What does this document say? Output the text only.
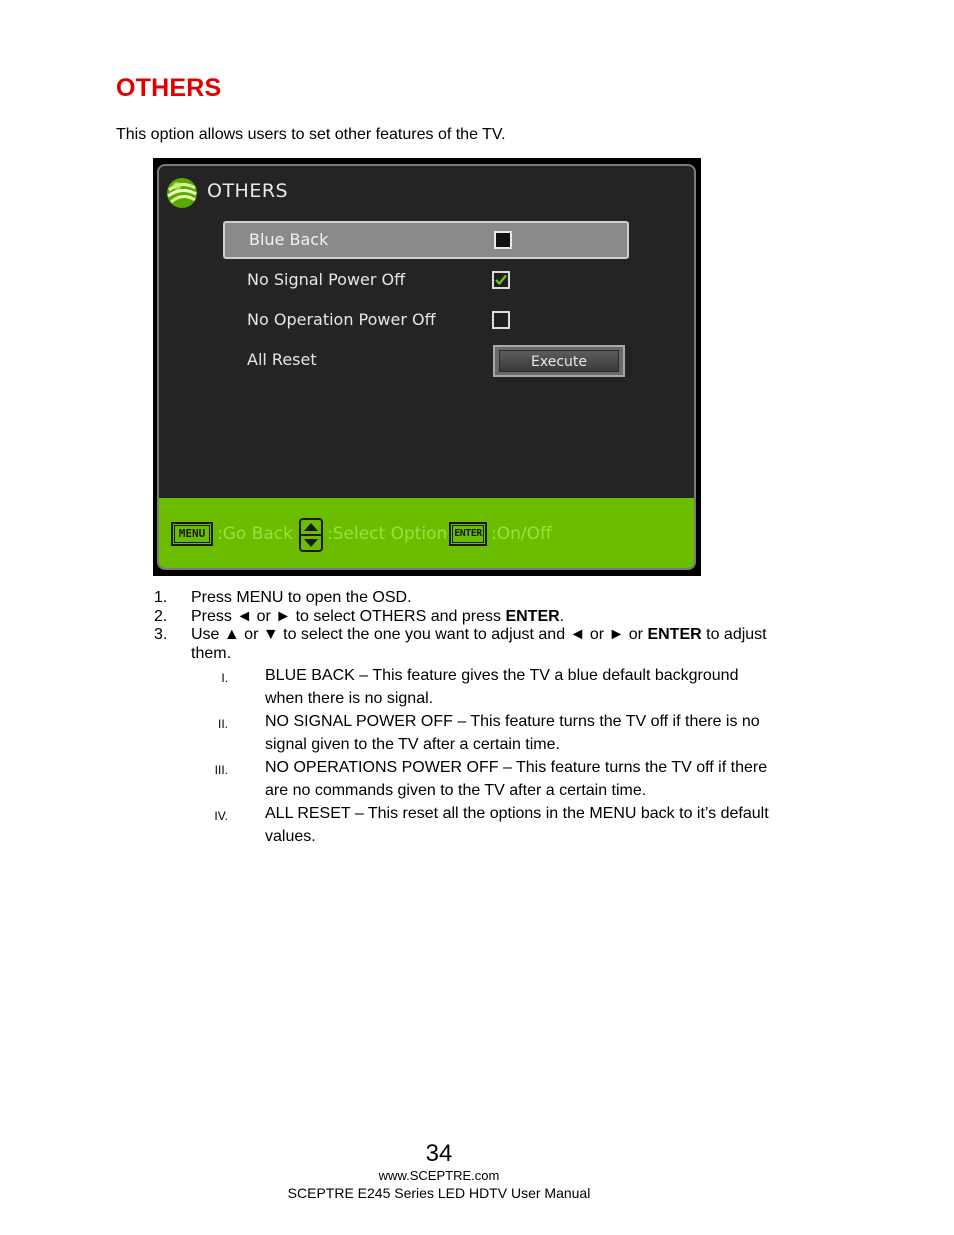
OTHERS
This option allows users to set other features of the TV.
OTHERS
Blue Back
No Signal Power Off
No Operation Power Off
All Reset	Execute
MENU :Go Back :Select Option ENTER :On/Off
1. Press MENU to open the OSD.
2. Press ◄ or ► to select OTHERS and press ENTER.
3. Use ▲ or ▼ to select the one you want to adjust and ◄ or ► or ENTER to adjust them.
I. BLUE BACK – This feature gives the TV a blue default background when there is no signal.
II. NO SIGNAL POWER OFF – This feature turns the TV off if there is no signal given to the TV after a certain time.
III. NO OPERATIONS POWER OFF – This feature turns the TV off if there are no commands given to the TV after a certain time.
IV. ALL RESET – This reset all the options in the MENU back to it’s default values.
34
www.SCEPTRE.com
SCEPTRE E245 Series LED HDTV User Manual
